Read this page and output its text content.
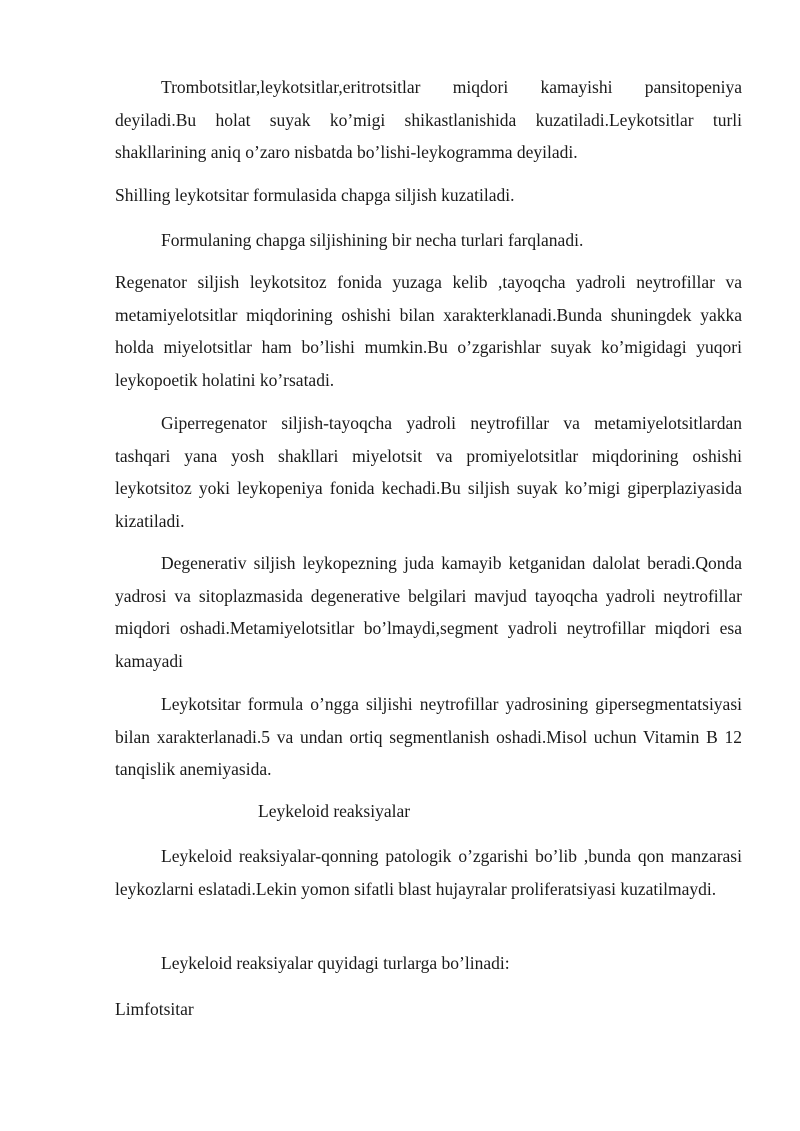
Trombotsitlar,leykotsitlar,eritrotsitlar miqdori kamayishi pansitopeniya deyiladi.Bu holat suyak ko’migi shikastlanishida kuzatiladi.Leykotsitlar turli shakllarining aniq o’zaro nisbatda bo’lishi-leykogramma deyiladi.

Shilling leykotsitar formulasida chapga siljish kuzatiladi.

Formulaning chapga siljishining bir necha turlari farqlanadi.

Regenator siljish leykotsitoz fonida yuzaga kelib ,tayoqcha yadroli neytrofillar va metamiyelotsitlar miqdorining oshishi bilan xarakterklanadi.Bunda shuningdek yakka holda miyelotsitlar ham bo’lishi mumkin.Bu o’zgarishlar suyak ko’migidagi yuqori leykopoetik holatini ko’rsatadi.

Giperregenator siljish-tayoqcha yadroli neytrofillar va metamiyelotsitlardan tashqari yana yosh shakllari miyelotsit va promiyelotsitlar miqdorining oshishi leykotsitoz yoki leykopeniya fonida kechadi.Bu siljish suyak ko’migi giperplaziyasida kizatiladi.

Degenerativ siljish leykopezning juda kamayib ketganidan dalolat beradi.Qonda yadrosi va sitoplazmasida degenerative belgilari mavjud tayoqcha yadroli neytrofillar miqdori oshadi.Metamiyelotsitlar bo’lmaydi,segment yadroli neytrofillar miqdori esa kamayadi

Leykotsitar formula o’ngga siljishi neytrofillar yadrosining gipersegmentatsiyasi bilan xarakterlanadi.5 va undan ortiq segmentlanish oshadi.Misol uchun Vitamin B 12 tanqislik anemiyasida.

Leykeloid reaksiyalar

Leykeloid reaksiyalar-qonning patologik o’zgarishi bo’lib ,bunda qon manzarasi leykozlarni eslatadi.Lekin yomon sifatli blast hujayralar proliferatsiyasi kuzatilmaydi.

Leykeloid reaksiyalar quyidagi turlarga bo’linadi:

Limfotsitar
